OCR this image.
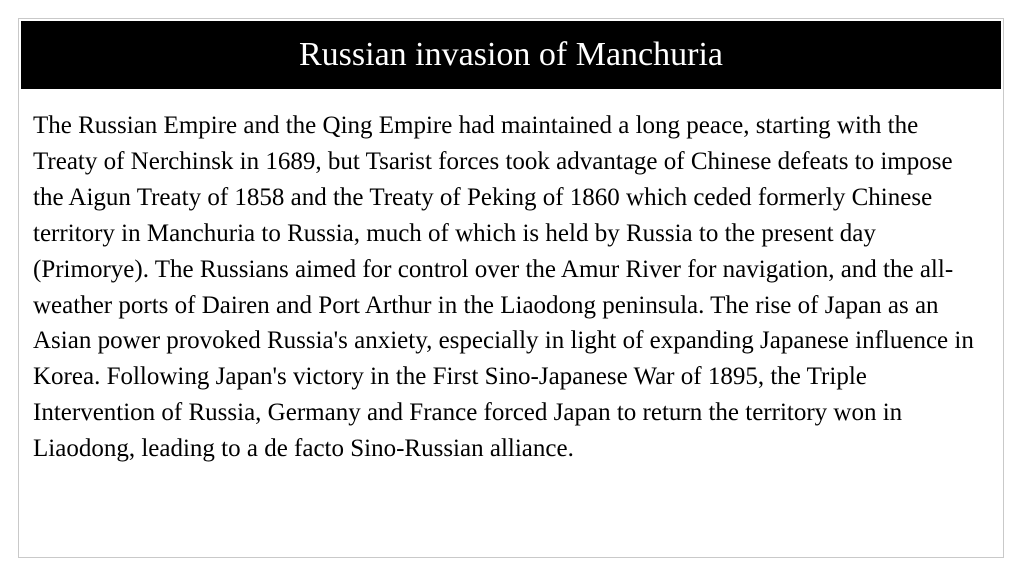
Russian invasion of Manchuria

The Russian Empire and the Qing Empire had maintained a long peace, starting with the Treaty of Nerchinsk in 1689, but Tsarist forces took advantage of Chinese defeats to impose the Aigun Treaty of 1858 and the Treaty of Peking of 1860 which ceded formerly Chinese territory in Manchuria to Russia, much of which is held by Russia to the present day (Primorye). The Russians aimed for control over the Amur River for navigation, and the all-weather ports of Dairen and Port Arthur in the Liaodong peninsula. The rise of Japan as an Asian power provoked Russia's anxiety, especially in light of expanding Japanese influence in Korea. Following Japan's victory in the First Sino-Japanese War of 1895, the Triple Intervention of Russia, Germany and France forced Japan to return the territory won in Liaodong, leading to a de facto Sino-Russian alliance.
